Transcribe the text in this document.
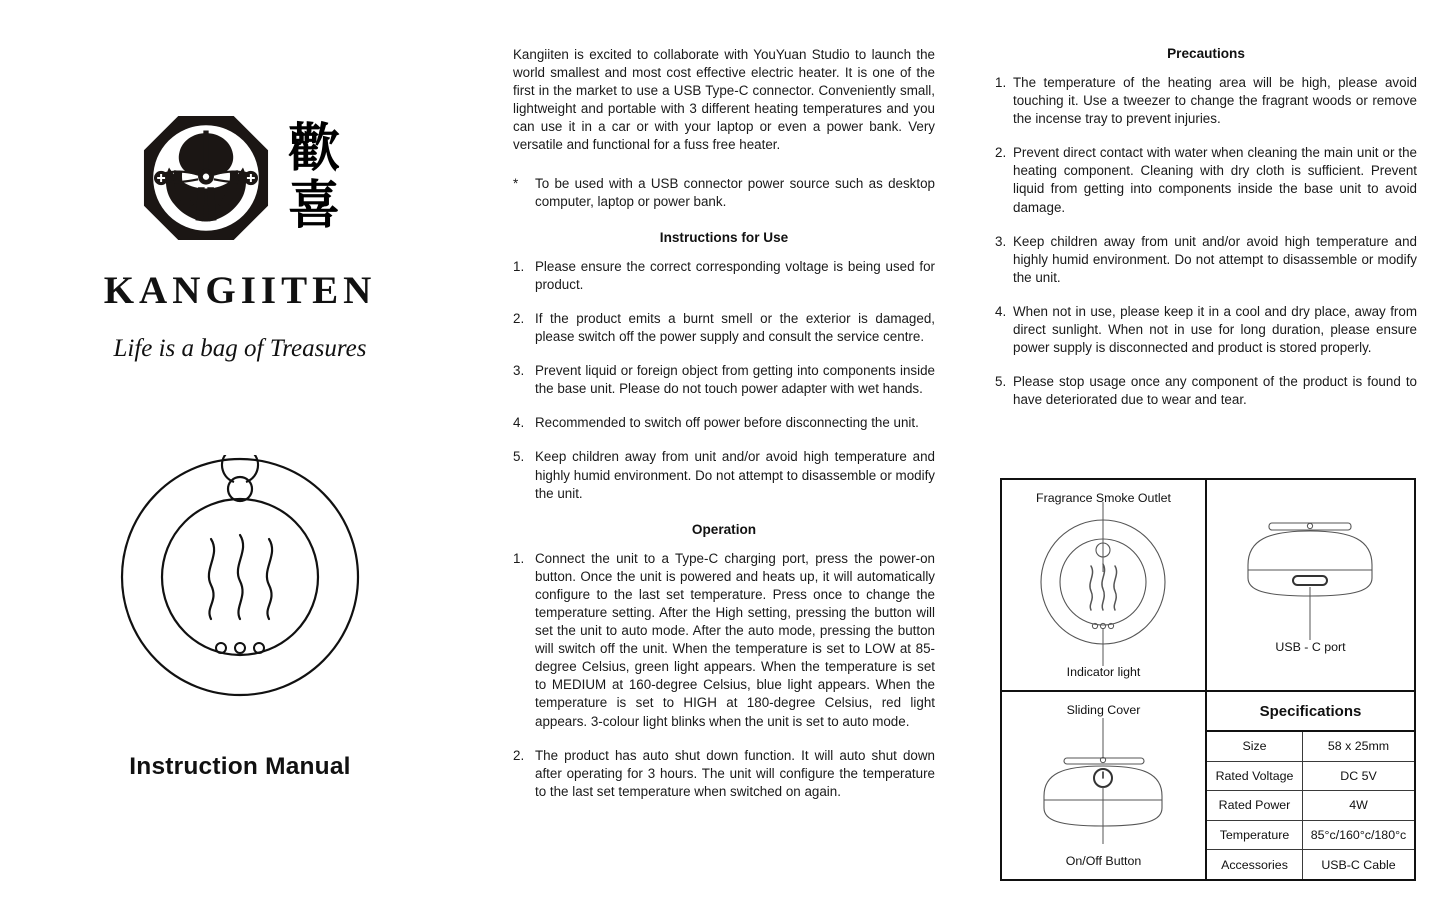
歡
喜
KANGIITEN
Life is a bag of Treasures
Instruction Manual

Kangiiten is excited to collaborate with YouYuan Studio to launch the world smallest and most cost effective electric heater. It is one of the first in the market to use a USB Type-C connector. Conveniently small, lightweight and portable with 3 different heating temperatures and you can use it in a car or with your laptop or even a power bank. Very versatile and functional for a fuss free heater.

*	To be used with a USB connector power source such as desktop computer, laptop or power bank.
Instructions for Use
1. Please ensure the correct corresponding voltage is being used for product.
2. If the product emits a burnt smell or the exterior is damaged, please switch off the power supply and consult the service centre.
3. Prevent liquid or foreign object from getting into components inside the base unit. Please do not touch power adapter with wet hands.
4. Recommended to switch off power before disconnecting the unit.
5. Keep children away from unit and/or avoid high temperature and highly humid environment. Do not attempt to disassemble or modify the unit.
Operation
1. Connect the unit to a Type-C charging port, press the power-on button. Once the unit is powered and heats up, it will automatically configure to the last set temperature. Press once to change the temperature setting. After the High setting, pressing the button will set the unit to auto mode. After the auto mode, pressing the button will switch off the unit. When the temperature is set to LOW at 85-degree Celsius, green light appears. When the temperature is set to MEDIUM at 160-degree Celsius, blue light appears. When the temperature is set to HIGH at 180-degree Celsius, red light appears. 3-colour light blinks when the unit is set to auto mode.
2. The product has auto shut down function. It will auto shut down after operating for 3 hours. The unit will configure the temperature to the last set temperature when switched on again.
Precautions
1. The temperature of the heating area will be high, please avoid touching it. Use a tweezer to change the fragrant woods or remove the incense tray to prevent injuries.
2. Prevent direct contact with water when cleaning the main unit or the heating component. Cleaning with dry cloth is sufficient. Prevent liquid from getting into components inside the base unit to avoid damage.
3. Keep children away from unit and/or avoid high temperature and highly humid environment. Do not attempt to disassemble or modify the unit.
4. When not in use, please keep it in a cool and dry place, away from direct sunlight. When not in use for long duration, please ensure power supply is disconnected and product is stored properly.
5. Please stop usage once any component of the product is found to have deteriorated due to wear and tear.
Fragrance Smoke Outlet
Indicator light
USB - C port
Sliding Cover
On/Off Button
Specifications
Size	58 x 25mm
Rated Voltage	DC 5V
Rated Power	4W
Temperature	85°c/160°c/180°c
Accessories	USB-C Cable
